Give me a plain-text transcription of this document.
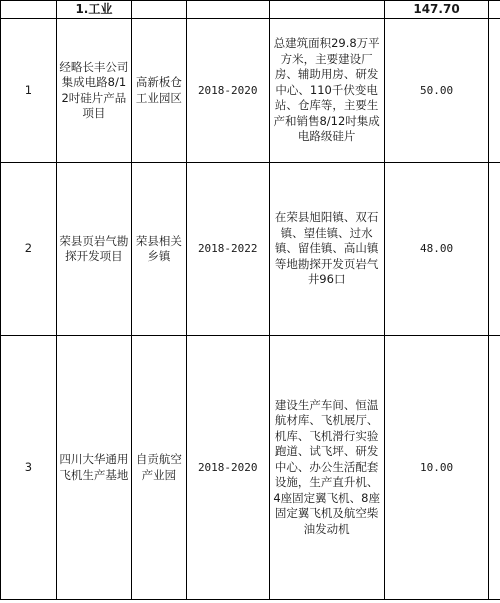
	1.工业				147.70	
1	经略长丰公司集成电路8/12吋硅片产品项目	高新板仓工业园区	2018-2020	总建筑面积29.8万平方米，主要建设厂房、辅助用房、研发中心、110千伏变电站、仓库等，主要生产和销售8/12吋集成电路级硅片	50.00	
2	荣县页岩气勘探开发项目	荣县相关乡镇	2018-2022	在荣县旭阳镇、双石镇、望佳镇、过水镇、留佳镇、高山镇等地勘探开发页岩气井96口	48.00	
3	四川大华通用飞机生产基地	自贡航空产业园	2018-2020	建设生产车间、恒温航材库、飞机展厅、机库、飞机滑行实验跑道、试飞坪、研发中心、办公生活配套设施，生产直升机、4座固定翼飞机、8座固定翼飞机及航空柴油发动机	10.00	
